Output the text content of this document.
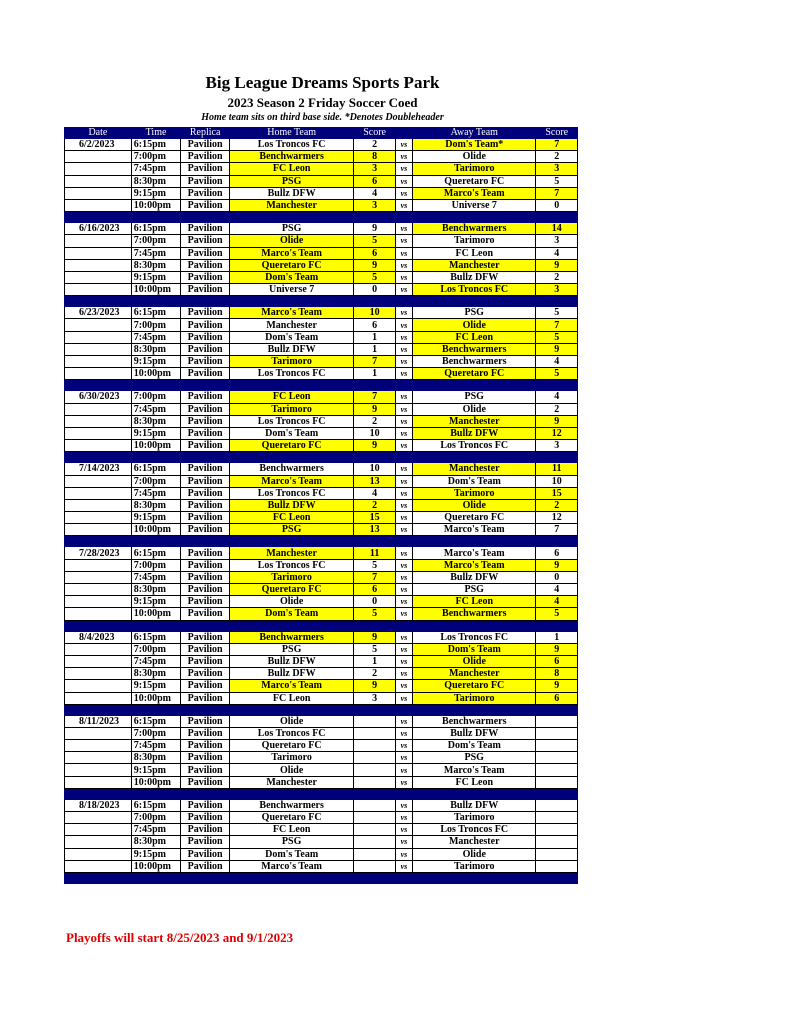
Big League Dreams Sports Park
2023 Season 2 Friday Soccer Coed
Home team sits on third base side. *Denotes Doubleheader
Date	Time	Replica	Home Team	Score		Away Team	Score
6/2/2023	6:15pm	Pavilion	Los Troncos FC	2	vs	Dom's Team*	7
	7:00pm	Pavilion	Benchwarmers	8	vs	Olide	2
	7:45pm	Pavilion	FC Leon	3	vs	Tarimoro	3
	8:30pm	Pavilion	PSG	6	vs	Queretaro FC	5
	9:15pm	Pavilion	Bullz DFW	4	vs	Marco's Team	7
	10:00pm	Pavilion	Manchester	3	vs	Universe 7	0

6/16/2023	6:15pm	Pavilion	PSG	9	vs	Benchwarmers	14
	7:00pm	Pavilion	Olide	5	vs	Tarimoro	3
	7:45pm	Pavilion	Marco's Team	6	vs	FC Leon	4
	8:30pm	Pavilion	Queretaro FC	9	vs	Manchester	9
	9:15pm	Pavilion	Dom's Team	5	vs	Bullz DFW	2
	10:00pm	Pavilion	Universe 7	0	vs	Los Troncos FC	3

6/23/2023	6:15pm	Pavilion	Marco's Team	10	vs	PSG	5
	7:00pm	Pavilion	Manchester	6	vs	Olide	7
	7:45pm	Pavilion	Dom's Team	1	vs	FC Leon	5
	8:30pm	Pavilion	Bullz DFW	1	vs	Benchwarmers	9
	9:15pm	Pavilion	Tarimoro	7	vs	Benchwarmers	4
	10:00pm	Pavilion	Los Troncos FC	1	vs	Queretaro FC	5

6/30/2023	7:00pm	Pavilion	FC Leon	7	vs	PSG	4
	7:45pm	Pavilion	Tarimoro	9	vs	Olide	2
	8:30pm	Pavilion	Los Troncos FC	2	vs	Manchester	9
	9:15pm	Pavilion	Dom's Team	10	vs	Bullz DFW	12
	10:00pm	Pavilion	Queretaro FC	9	vs	Los Troncos FC	3

7/14/2023	6:15pm	Pavilion	Benchwarmers	10	vs	Manchester	11
	7:00pm	Pavilion	Marco's Team	13	vs	Dom's Team	10
	7:45pm	Pavilion	Los Troncos FC	4	vs	Tarimoro	15
	8:30pm	Pavilion	Bullz DFW	2	vs	Olide	2
	9:15pm	Pavilion	FC Leon	15	vs	Queretaro FC	12
	10:00pm	Pavilion	PSG	13	vs	Marco's Team	7

7/28/2023	6:15pm	Pavilion	Manchester	11	vs	Marco's Team	6
	7:00pm	Pavilion	Los Troncos FC	5	vs	Marco's Team	9
	7:45pm	Pavilion	Tarimoro	7	vs	Bullz DFW	0
	8:30pm	Pavilion	Queretaro FC	6	vs	PSG	4
	9:15pm	Pavilion	Olide	0	vs	FC Leon	4
	10:00pm	Pavilion	Dom's Team	5	vs	Benchwarmers	5

8/4/2023	6:15pm	Pavilion	Benchwarmers	9	vs	Los Troncos FC	1
	7:00pm	Pavilion	PSG	5	vs	Dom's Team	9
	7:45pm	Pavilion	Bullz DFW	1	vs	Olide	6
	8:30pm	Pavilion	Bullz DFW	2	vs	Manchester	8
	9:15pm	Pavilion	Marco's Team	9	vs	Queretaro FC	9
	10:00pm	Pavilion	FC Leon	3	vs	Tarimoro	6

8/11/2023	6:15pm	Pavilion	Olide		vs	Benchwarmers	
	7:00pm	Pavilion	Los Troncos FC		vs	Bullz DFW	
	7:45pm	Pavilion	Queretaro FC		vs	Dom's Team	
	8:30pm	Pavilion	Tarimoro		vs	PSG	
	9:15pm	Pavilion	Olide		vs	Marco's Team	
	10:00pm	Pavilion	Manchester		vs	FC Leon	

8/18/2023	6:15pm	Pavilion	Benchwarmers		vs	Bullz DFW	
	7:00pm	Pavilion	Queretaro FC		vs	Tarimoro	
	7:45pm	Pavilion	FC Leon		vs	Los Troncos FC	
	8:30pm	Pavilion	PSG		vs	Manchester	
	9:15pm	Pavilion	Dom's Team		vs	Olide	
	10:00pm	Pavilion	Marco's Team		vs	Tarimoro	

Playoffs will start 8/25/2023 and 9/1/2023
